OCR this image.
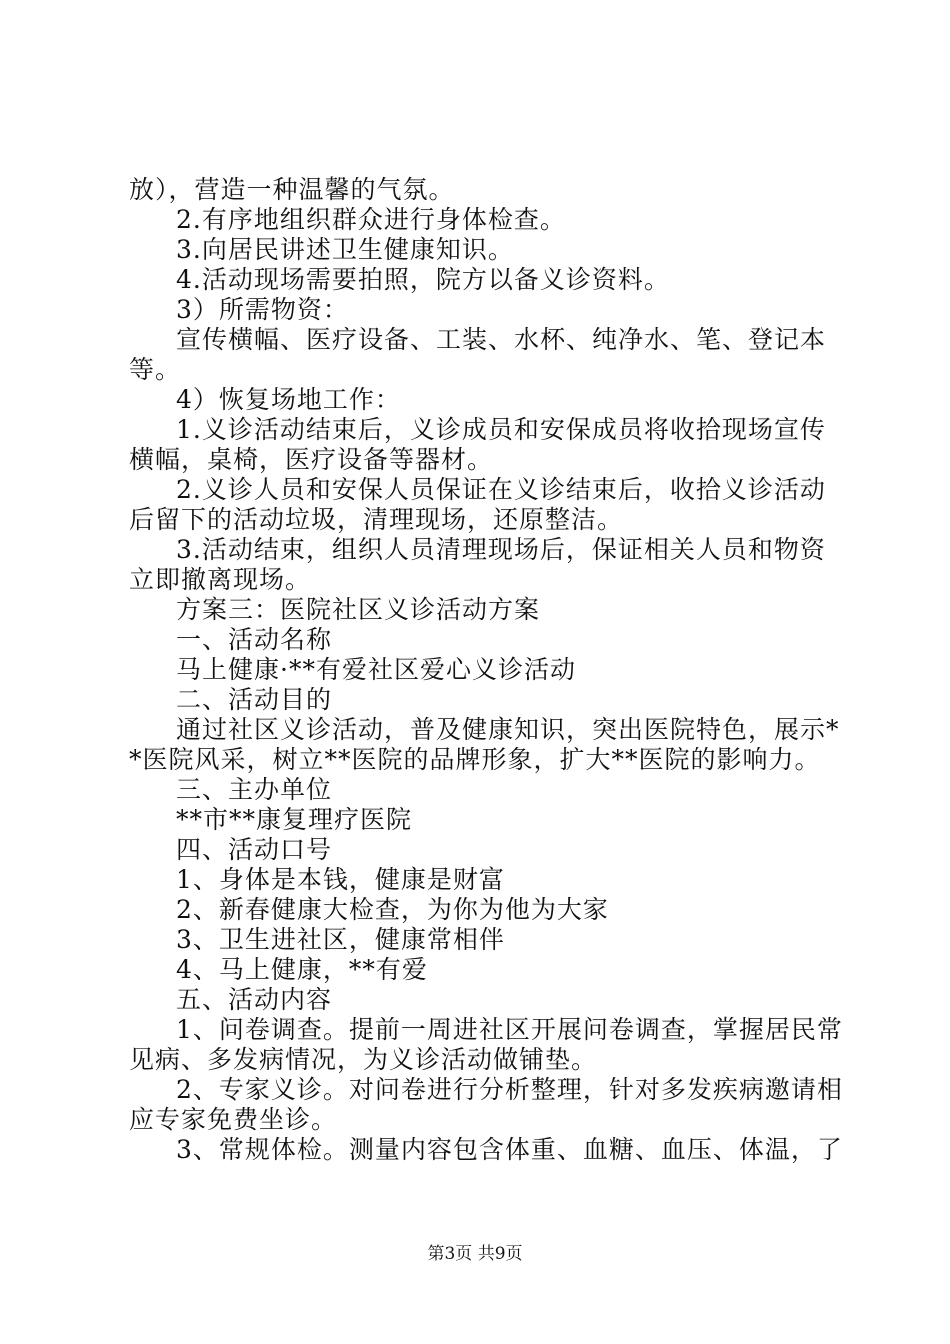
放），营造一种温馨的气氛。
2.有序地组织群众进行身体检查。
3.向居民讲述卫生健康知识。
4.活动现场需要拍照，院方以备义诊资料。
3）所需物资：
宣传横幅、医疗设备、工装、水杯、纯净水、笔、登记本
等。
4）恢复场地工作：
1.义诊活动结束后，义诊成员和安保成员将收拾现场宣传
横幅，桌椅，医疗设备等器材。
2.义诊人员和安保人员保证在义诊结束后，收拾义诊活动
后留下的活动垃圾，清理现场，还原整洁。
3.活动结束，组织人员清理现场后，保证相关人员和物资
立即撤离现场。
方案三：医院社区义诊活动方案
一、活动名称
马上健康·**有爱社区爱心义诊活动
二、活动目的
通过社区义诊活动，普及健康知识，突出医院特色，展示*
*医院风采，树立**医院的品牌形象，扩大**医院的影响力。
三、主办单位
**市**康复理疗医院
四、活动口号
1、身体是本钱，健康是财富
2、新春健康大检查，为你为他为大家
3、卫生进社区，健康常相伴
4、马上健康，**有爱
五、活动内容
1、问卷调查。提前一周进社区开展问卷调查，掌握居民常
见病、多发病情况，为义诊活动做铺垫。
2、专家义诊。对问卷进行分析整理，针对多发疾病邀请相
应专家免费坐诊。
3、常规体检。测量内容包含体重、血糖、血压、体温，了
第3页 共9页
